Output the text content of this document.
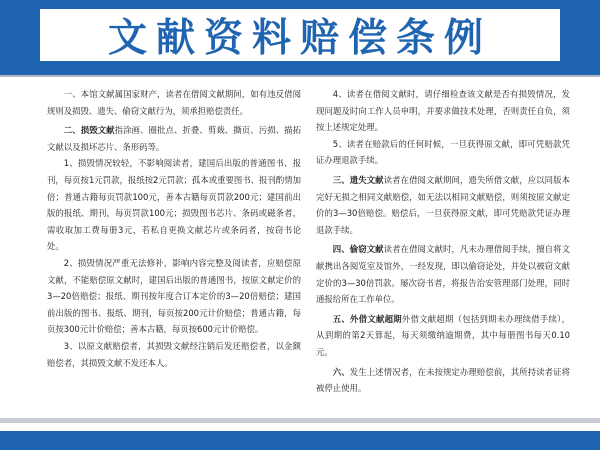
文献资料赔偿条例

一、本馆文献属国家财产，读者在借阅文献期间，如有违反借阅规则及损毁、遗失、偷窃文献行为，须承担赔偿责任。

二、损毁文献指涂画、圈批点、折叠、剪裁、撕页、污损、描拓文献以及损坏芯片、条形码等。

1、损毁情况较轻，不影响阅读者，建国后出版的普通图书、报刊，每页按1元罚款，报纸按2元罚款；孤本或重要图书、报刊酌情加倍；普通古籍每页罚款100元，善本古籍每页罚款200元；建国前出版的报纸、期刊，每页罚款100元；损毁图书芯片、条码或磁条者，需收取加工费每册3元，若私自更换文献芯片或条码者，按窃书论处。

2、损毁情况严重无法修补，影响内容完整及阅读者，应赔偿原文献，不能赔偿原文献时，建国后出版的普通图书，按原文献定价的3—20倍赔偿；报纸、期刊按年度合订本定价的3—20倍赔偿；建国前出版的图书、报纸、期刊，每页按200元计价赔偿；普通古籍，每页按300元计价赔偿；善本古籍，每页按600元计价赔偿。

3、以原文献赔偿者，其损毁文献经注销后发还赔偿者，以金额赔偿者，其损毁文献不发还本人。

4、读者在借阅文献时，请仔细检查该文献是否有损毁情况，发现问题及时向工作人员申明，并要求做技术处理，否则责任自负，须按上述规定处理。

5、读者在赔款后的任何时候，一旦获得原文献，即可凭赔款凭证办理退款手续。

三、遗失文献读者在借阅文献期间，遗失所借文献，应以同版本完好无损之相同文献赔偿，如无法以相同文献赔偿，则须按原文献定价的3—30倍赔偿。赔偿后，一旦获得原文献，即可凭赔款凭证办理退款手续。

四、偷窃文献读者在借阅文献时，凡未办理借阅手续，擅自将文献携出各阅览室及馆外，一经发现，即以偷窃论处，并处以被窃文献定价的3—30倍罚款。屡次窃书者，将报告治安管理部门处理，同时通报给所在工作单位。

五、外借文献超期外借文献超期（包括到期未办理续借手续），从到期的第2天算起，每天须缴纳逾期费，其中每册图书每天0.10元。

六、发生上述情况者，在未按规定办理赔偿前，其所持读者证将被停止使用。
